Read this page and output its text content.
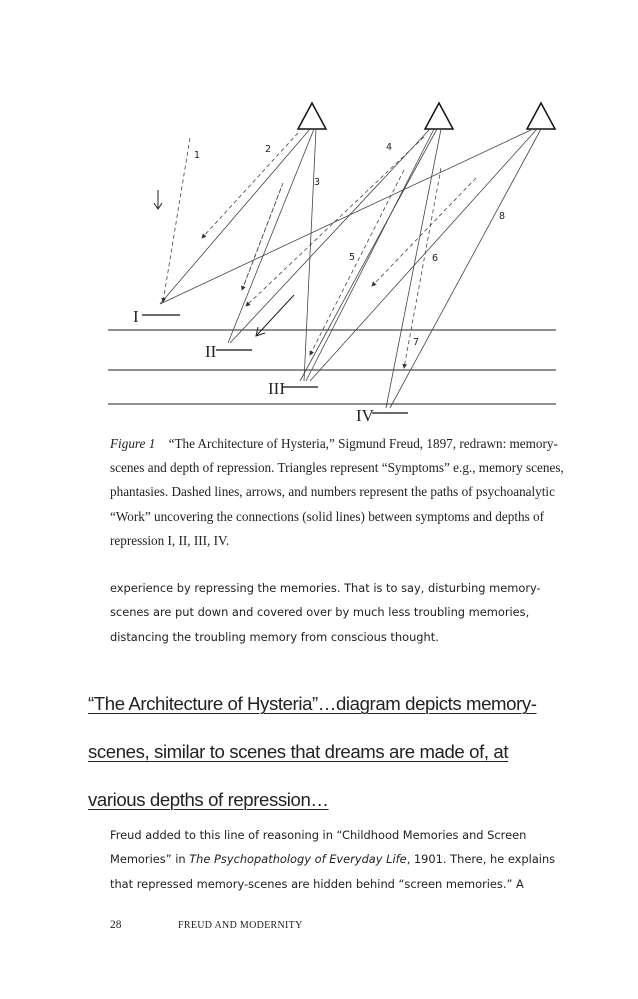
I
II
III
IV
1
2
3
4
5	6
7
8
Figure 1 “The Architecture of Hysteria,” Sigmund Freud, 1897, redrawn: memory-scenes and depth of repression. Triangles represent “Symptoms” e.g., memory scenes, phantasies. Dashed lines, arrows, and numbers represent the paths of psychoanalytic “Work” uncovering the connections (solid lines) between symptoms and depths of repression I, II, III, IV.
experience by repressing the memories. That is to say, disturbing memory-scenes are put down and covered over by much less troubling memories, distancing the troubling memory from conscious thought.
“The Architecture of Hysteria”…diagram depicts memory-scenes, similar to scenes that dreams are made of, at various depths of repression…
Freud added to this line of reasoning in “Childhood Memories and Screen Memories” in The Psychopathology of Everyday Life, 1901. There, he explains that repressed memory-scenes are hidden behind “screen memories.” A
28	FREUD AND MODERNITY
